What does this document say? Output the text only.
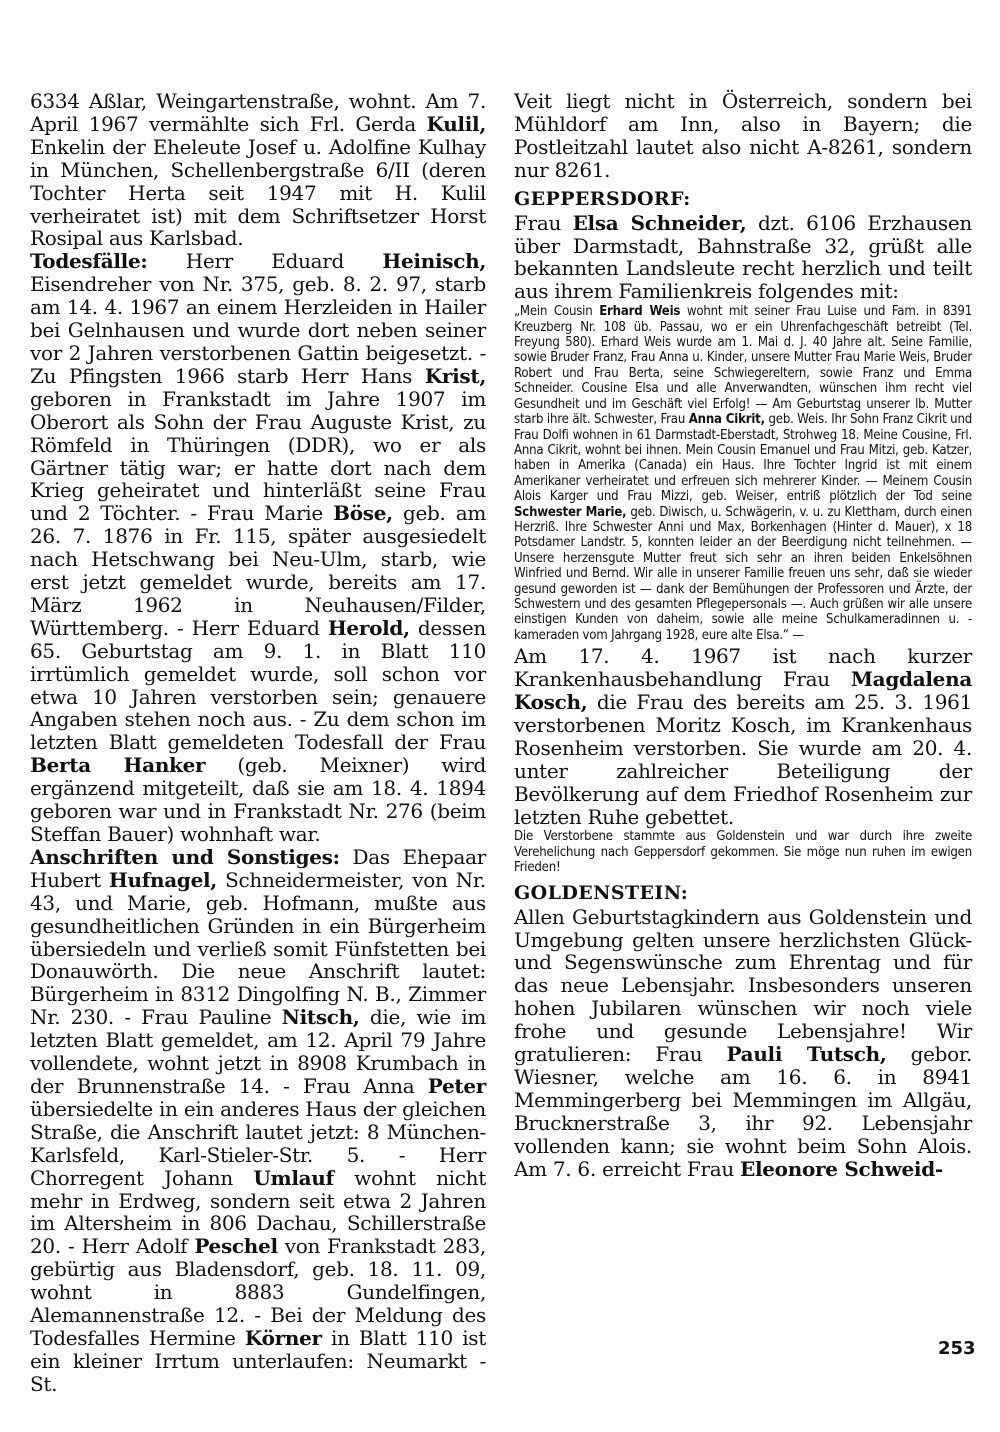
6334 Aßlar, Weingartenstraße, wohnt. Am 7. April 1967 vermählte sich Frl. Gerda Kulil, Enkelin der Eheleute Josef u. Adolfine Kulhay in München, Schellenbergstraße 6/II (deren Tochter Herta seit 1947 mit H. Kulil verheiratet ist) mit dem Schriftsetzer Horst Rosipal aus Karlsbad.

Todesfälle: Herr Eduard Heinisch, Eisendreher von Nr. 375, geb. 8. 2. 97, starb am 14. 4. 1967 an einem Herzleiden in Hailer bei Gelnhausen und wurde dort neben seiner vor 2 Jahren verstorbenen Gattin beigesetzt. - Zu Pfingsten 1966 starb Herr Hans Krist, geboren in Frankstadt im Jahre 1907 im Oberort als Sohn der Frau Auguste Krist, zu Römfeld in Thüringen (DDR), wo er als Gärtner tätig war; er hatte dort nach dem Krieg geheiratet und hinterläßt seine Frau und 2 Töchter. - Frau Marie Böse, geb. am 26. 7. 1876 in Fr. 115, später ausgesiedelt nach Hetschwang bei Neu-Ulm, starb, wie erst jetzt gemeldet wurde, bereits am 17. März 1962 in Neuhausen/Filder, Württemberg. - Herr Eduard Herold, dessen 65. Geburtstag am 9. 1. in Blatt 110 irrtümlich gemeldet wurde, soll schon vor etwa 10 Jahren verstorben sein; genauere Angaben stehen noch aus. - Zu dem schon im letzten Blatt gemeldeten Todesfall der Frau Berta Hanker (geb. Meixner) wird ergänzend mitgeteilt, daß sie am 18. 4. 1894 geboren war und in Frankstadt Nr. 276 (beim Steffan Bauer) wohnhaft war.

Anschriften und Sonstiges: Das Ehepaar Hubert Hufnagel, Schneidermeister, von Nr. 43, und Marie, geb. Hofmann, mußte aus gesundheitlichen Gründen in ein Bürgerheim übersiedeln und verließ somit Fünfstetten bei Donauwörth. Die neue Anschrift lautet: Bürgerheim in 8312 Dingolfing N. B., Zimmer Nr. 230. - Frau Pauline Nitsch, die, wie im letzten Blatt gemeldet, am 12. April 79 Jahre vollendete, wohnt jetzt in 8908 Krumbach in der Brunnenstraße 14. - Frau Anna Peter übersiedelte in ein anderes Haus der gleichen Straße, die Anschrift lautet jetzt: 8 München-Karlsfeld, Karl-Stieler-Str. 5. - Herr Chorregent Johann Umlauf wohnt nicht mehr in Erdweg, sondern seit etwa 2 Jahren im Altersheim in 806 Dachau, Schillerstraße 20. - Herr Adolf Peschel von Frankstadt 283, gebürtig aus Bladensdorf, geb. 18. 11. 09, wohnt in 8883 Gundelfingen, Alemannenstraße 12. - Bei der Meldung des Todesfalles Hermine Körner in Blatt 110 ist ein kleiner Irrtum unterlaufen: Neumarkt - St.

Veit liegt nicht in Österreich, sondern bei Mühldorf am Inn, also in Bayern; die Postleitzahl lautet also nicht A-8261, sondern nur 8261.

GEPPERSDORF:

Frau Elsa Schneider, dzt. 6106 Erzhausen über Darmstadt, Bahnstraße 32, grüßt alle bekannten Landsleute recht herzlich und teilt aus ihrem Familienkreis folgendes mit:

„Mein Cousin Erhard Weis wohnt mit seiner Frau Luise und Fam. in 8391 Kreuzberg Nr. 108 üb. Passau, wo er ein Uhrenfachgeschäft betreibt (Tel. Freyung 580). Erhard Weis wurde am 1. Mai d. J. 40 Jahre alt. Seine Familie, sowie Bruder Franz, Frau Anna u. Kinder, unsere Mutter Frau Marie Weis, Bruder Robert und Frau Berta, seine Schwiegereltern, sowie Franz und Emma Schneider. Cousine Elsa und alle Anverwandten, wünschen ihm recht viel Gesundheit und im Geschäft viel Erfolg! — Am Geburtstag unserer lb. Mutter starb ihre ält. Schwester, Frau Anna Cikrit, geb. Weis. Ihr Sohn Franz Cikrit und Frau Dolfi wohnen in 61 Darmstadt-Eberstadt, Strohweg 18. Meine Cousine, Frl. Anna Cikrit, wohnt bei ihnen. Mein Cousin Emanuel und Frau Mitzi, geb. Katzer, haben in Amerika (Canada) ein Haus. Ihre Tochter Ingrid ist mit einem Amerikaner verheiratet und erfreuen sich mehrerer Kinder. — Meinem Cousin Alois Karger und Frau Mizzi, geb. Weiser, entriß plötzlich der Tod seine Schwester Marie, geb. Diwisch, u. Schwägerin, v. u. zu Klettham, durch einen Herzriß. Ihre Schwester Anni und Max, Borkenhagen (Hinter d. Mauer), x 18 Potsdamer Landstr. 5, konnten leider an der Beerdigung nicht teilnehmen. — Unsere herzensgute Mutter freut sich sehr an ihren beiden Enkelsöhnen Winfried und Bernd. Wir alle in unserer Familie freuen uns sehr, daß sie wieder gesund geworden ist — dank der Bemühungen der Professoren und Ärzte, der Schwestern und des gesamten Pflegepersonals —. Auch grüßen wir alle unsere einstigen Kunden von daheim, sowie alle meine Schulkameradinnen u. -kameraden vom Jahrgang 1928, eure alte Elsa.“ —

Am 17. 4. 1967 ist nach kurzer Krankenhausbehandlung Frau Magdalena Kosch, die Frau des bereits am 25. 3. 1961 verstorbenen Moritz Kosch, im Krankenhaus Rosenheim verstorben. Sie wurde am 20. 4. unter zahlreicher Beteiligung der Bevölkerung auf dem Friedhof Rosenheim zur letzten Ruhe gebettet.

Die Verstorbene stammte aus Goldenstein und war durch ihre zweite Verehelichung nach Geppersdorf gekommen. Sie möge nun ruhen im ewigen Frieden!

GOLDENSTEIN:

Allen Geburtstagkindern aus Goldenstein und Umgebung gelten unsere herzlichsten Glück- und Segenswünsche zum Ehrentag und für das neue Lebensjahr. Insbesonders unseren hohen Jubilaren wünschen wir noch viele frohe und gesunde Lebensjahre! Wir gratulieren: Frau Pauli Tutsch, gebor. Wiesner, welche am 16. 6. in 8941 Memmingerberg bei Memmingen im Allgäu, Brucknerstraße 3, ihr 92. Lebensjahr vollenden kann; sie wohnt beim Sohn Alois. Am 7. 6. erreicht Frau Eleonore Schweid-

253
